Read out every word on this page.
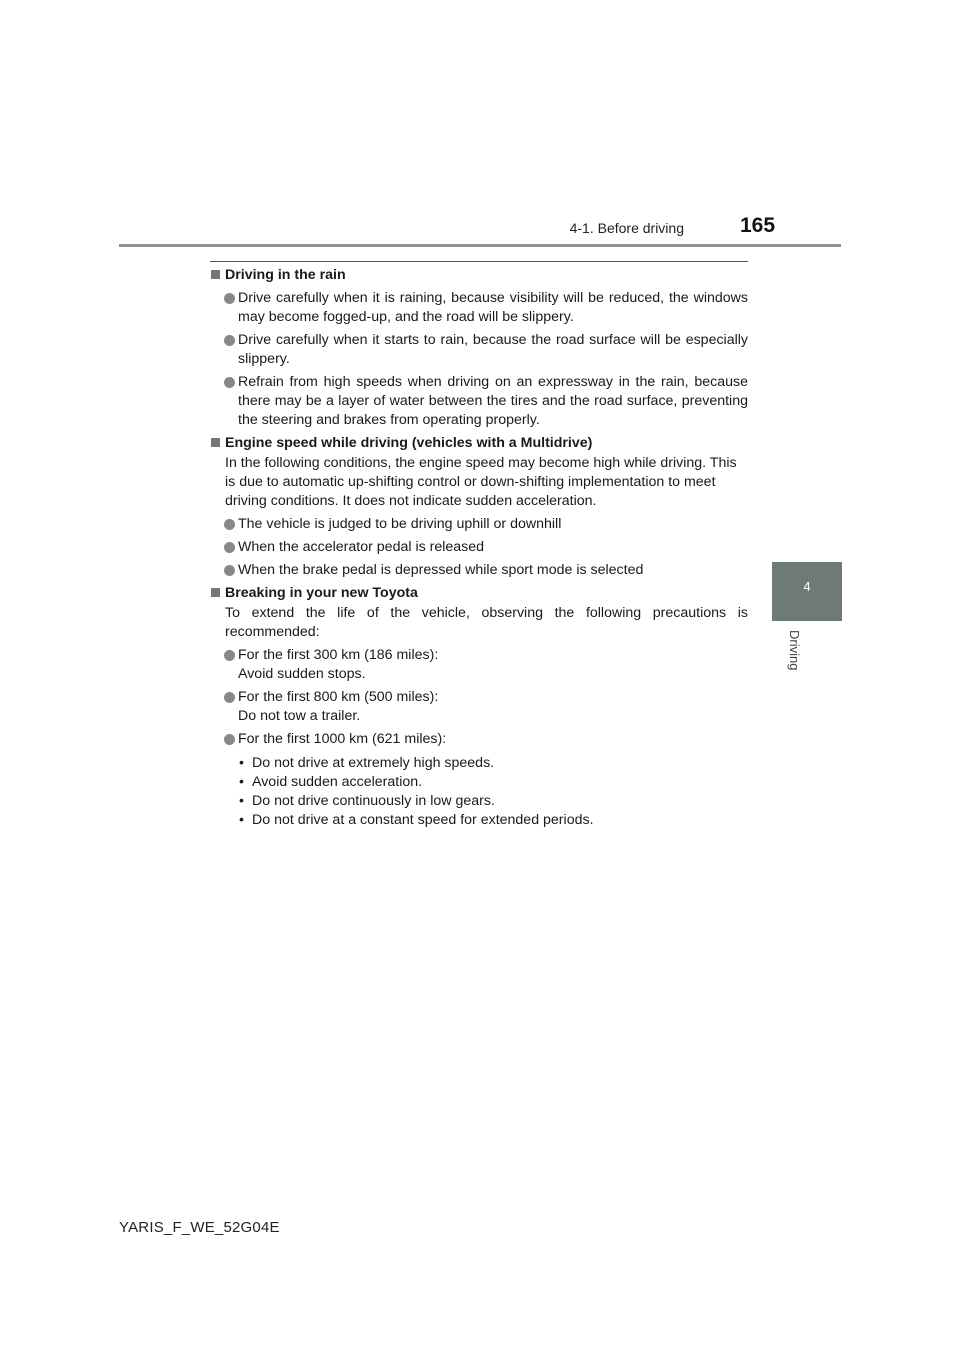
4-1. Before driving	165
4
Driving
Driving in the rain
Drive carefully when it is raining, because visibility will be reduced, the windows may become fogged-up, and the road will be slippery.
Drive carefully when it starts to rain, because the road surface will be especially slippery.
Refrain from high speeds when driving on an expressway in the rain, because there may be a layer of water between the tires and the road surface, preventing the steering and brakes from operating properly.
Engine speed while driving (vehicles with a Multidrive)
In the following conditions, the engine speed may become high while driving. This is due to automatic up-shifting control or down-shifting implementation to meet driving conditions. It does not indicate sudden acceleration.
The vehicle is judged to be driving uphill or downhill
When the accelerator pedal is released
When the brake pedal is depressed while sport mode is selected
Breaking in your new Toyota
To extend the life of the vehicle, observing the following precautions is recommended:
For the first 300 km (186 miles):
Avoid sudden stops.
For the first 800 km (500 miles):
Do not tow a trailer.
For the first 1000 km (621 miles):
• Do not drive at extremely high speeds.
• Avoid sudden acceleration.
• Do not drive continuously in low gears.
• Do not drive at a constant speed for extended periods.
YARIS_F_WE_52G04E
